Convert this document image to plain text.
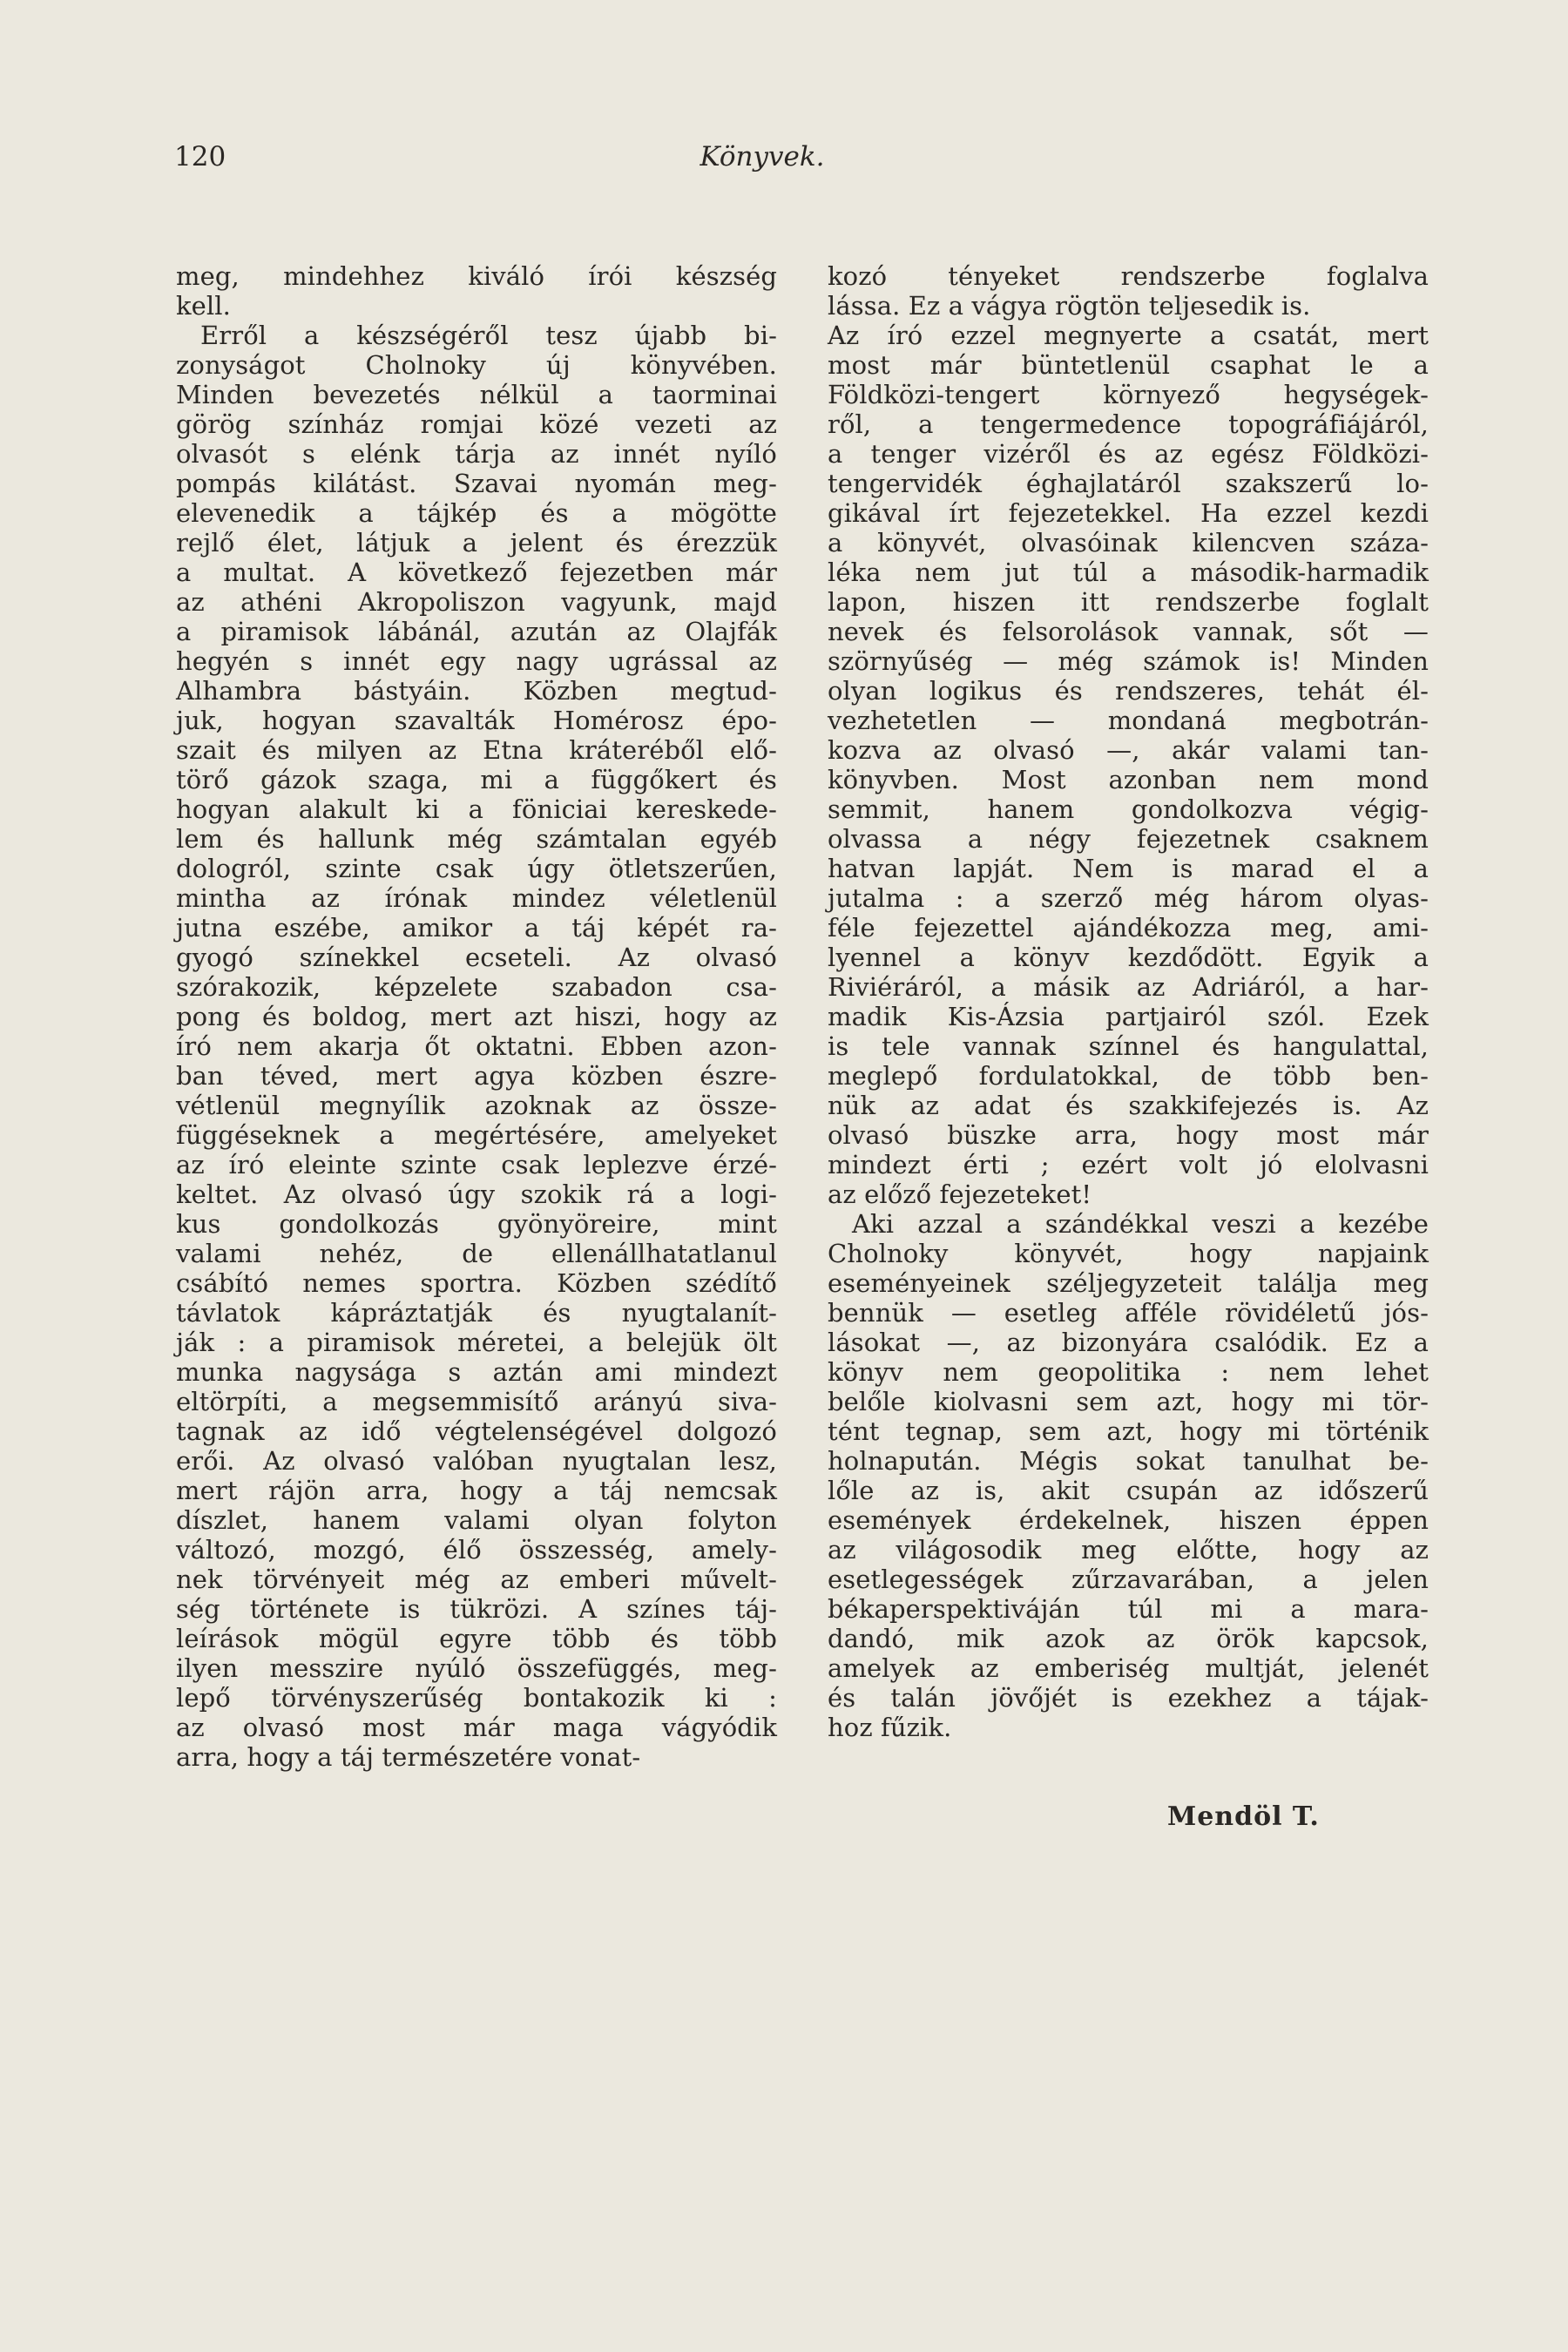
120	Könyvek.
meg, mindehhez kiváló írói készség
kell.
Erről a készségéről tesz újabb bi-
zonyságot Cholnoky új könyvében.
Minden bevezetés nélkül a taorminai
görög színház romjai közé vezeti az
olvasót s elénk tárja az innét nyíló
pompás kilátást. Szavai nyomán meg-
elevenedik a tájkép és a mögötte
rejlő élet, látjuk a jelent és érezzük
a multat. A következő fejezetben már
az athéni Akropoliszon vagyunk, majd
a piramisok lábánál, azután az Olajfák
hegyén s innét egy nagy ugrással az
Alhambra bástyáin. Közben megtud-
juk, hogyan szavalták Homérosz épo-
szait és milyen az Etna kráteréből elő-
törő gázok szaga, mi a függőkert és
hogyan alakult ki a föniciai kereskede-
lem és hallunk még számtalan egyéb
dologról, szinte csak úgy ötletszerűen,
mintha az írónak mindez véletlenül
jutna eszébe, amikor a táj képét ra-
gyogó színekkel ecseteli. Az olvasó
szórakozik, képzelete szabadon csa-
pong és boldog, mert azt hiszi, hogy az
író nem akarja őt oktatni. Ebben azon-
ban téved, mert agya közben észre-
vétlenül megnyílik azoknak az össze-
függéseknek a megértésére, amelyeket
az író eleinte szinte csak leplezve érzé-
keltet. Az olvasó úgy szokik rá a logi-
kus gondolkozás gyönyöreire, mint
valami nehéz, de ellenállhatatlanul
csábító nemes sportra. Közben szédítő
távlatok kápráztatják és nyugtalanít-
ják : a piramisok méretei, a belejük ölt
munka nagysága s aztán ami mindezt
eltörpíti, a megsemmisítő arányú siva-
tagnak az idő végtelenségével dolgozó
erői. Az olvasó valóban nyugtalan lesz,
mert rájön arra, hogy a táj nemcsak
díszlet, hanem valami olyan folyton
változó, mozgó, élő összesség, amely-
nek törvényeit még az emberi művelt-
ség története is tükrözi. A színes táj-
leírások mögül egyre több és több
ilyen messzire nyúló összefüggés, meg-
lepő törvényszerűség bontakozik ki :
az olvasó most már maga vágyódik
arra, hogy a táj természetére vonat-
kozó tényeket rendszerbe foglalva
lássa. Ez a vágya rögtön teljesedik is.
Az író ezzel megnyerte a csatát, mert
most már büntetlenül csaphat le a
Földközi-tengert környező hegységek-
ről, a tengermedence topográfiájáról,
a tenger vizéről és az egész Földközi-
tengervidék éghajlatáról szakszerű lo-
gikával írt fejezetekkel. Ha ezzel kezdi
a könyvét, olvasóinak kilencven száza-
léka nem jut túl a második-harmadik
lapon, hiszen itt rendszerbe foglalt
nevek és felsorolások vannak, sőt —
szörnyűség — még számok is! Minden
olyan logikus és rendszeres, tehát él-
vezhetetlen — mondaná megbotrán-
kozva az olvasó —, akár valami tan-
könyvben. Most azonban nem mond
semmit, hanem gondolkozva végig-
olvassa a négy fejezetnek csaknem
hatvan lapját. Nem is marad el a
jutalma : a szerző még három olyas-
féle fejezettel ajándékozza meg, ami-
lyennel a könyv kezdődött. Egyik a
Riviéráról, a másik az Adriáról, a har-
madik Kis-Ázsia partjairól szól. Ezek
is tele vannak színnel és hangulattal,
meglepő fordulatokkal, de több ben-
nük az adat és szakkifejezés is. Az
olvasó büszke arra, hogy most már
mindezt érti ; ezért volt jó elolvasni
az előző fejezeteket!
Aki azzal a szándékkal veszi a kezébe
Cholnoky könyvét, hogy napjaink
eseményeinek széljegyzeteit találja meg
bennük — esetleg afféle rövidéletű jós-
lásokat —, az bizonyára csalódik. Ez a
könyv nem geopolitika : nem lehet
belőle kiolvasni sem azt, hogy mi tör-
tént tegnap, sem azt, hogy mi történik
holnapután. Mégis sokat tanulhat be-
lőle az is, akit csupán az időszerű
események érdekelnek, hiszen éppen
az világosodik meg előtte, hogy az
esetlegességek zűrzavarában, a jelen
békaperspektiváján túl mi a mara-
dandó, mik azok az örök kapcsok,
amelyek az emberiség multját, jelenét
és talán jövőjét is ezekhez a tájak-
hoz fűzik.
Mendöl T.
